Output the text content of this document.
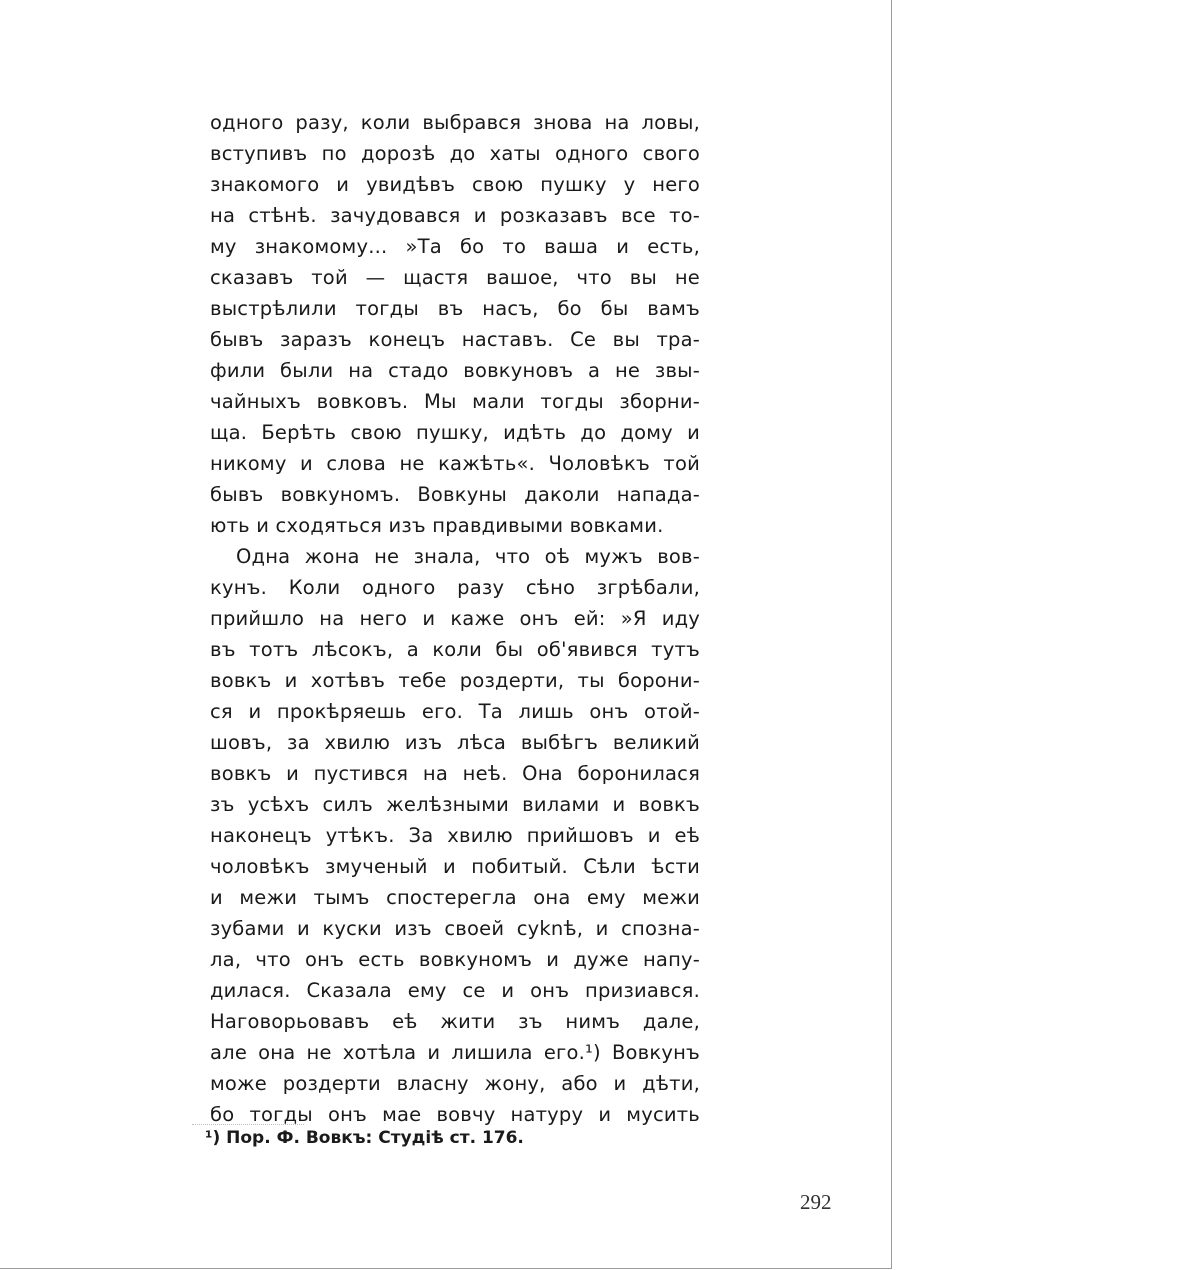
одного разу, коли выбрався знова на ловы,
вступивъ по дорозѣ до хаты одного свого
знакомого и увидѣвъ свою пушку у него
на стѣнѣ. зачудовався и розказавъ все то-
му знакомому... »Та бо то ваша и есть,
сказавъ той — щастя вашое, что вы не
выстрѣлили тогды въ насъ, бо бы вамъ
бывъ заразъ конецъ наставъ. Се вы тра-
фили были на стадо вовкуновъ а не звы-
чайныхъ вовковъ. Мы мали тогды зборни-
ща. Берѣть свою пушку, идѣть до дому и
никому и слова не кажѣть«. Чоловѣкъ той
бывъ вовкуномъ. Вовкуны даколи нападa-
ють и сходяться изъ правдивыми вовками.
Одна жона не знала, что оѣ мужъ вов-
кунъ. Коли одного разу сѣно згрѣбали,
прийшло на него и каже онъ ей: »Я иду
въ тотъ лѣсокъ, а коли бы об'явився тутъ
вовкъ и хотѣвъ тебе роздерти, ты борони-
ся и прокѣряешь его. Та лишь онъ отой-
шовъ, за хвилю изъ лѣса выбѣгъ великий
вовкъ и пустився на неѣ. Она боронилася
зъ усѣхъ силъ желѣзными вилами и вовкъ
наконецъ утѣкъ. За хвилю прийшовъ и еѣ
чоловѣкъ змученый и побитый. Сѣли ѣсти
и межи тымъ спостерегла она ему межи
зубами и куски изъ своей суknѣ, и спозна-
ла, что онъ есть вовкуномъ и дуже напу-
дилася. Сказала ему се и онъ призиався.
Наговорьовавъ еѣ жити зъ нимъ дале,
але она не хотѣла и лишила его.¹) Вовкунъ
може роздерти власну жону, або и дѣти,
бо тогды онъ мае вовчу натуру и мусить
¹) Пор. Ф. Вовкъ: Студіѣ ст. 176.
292
